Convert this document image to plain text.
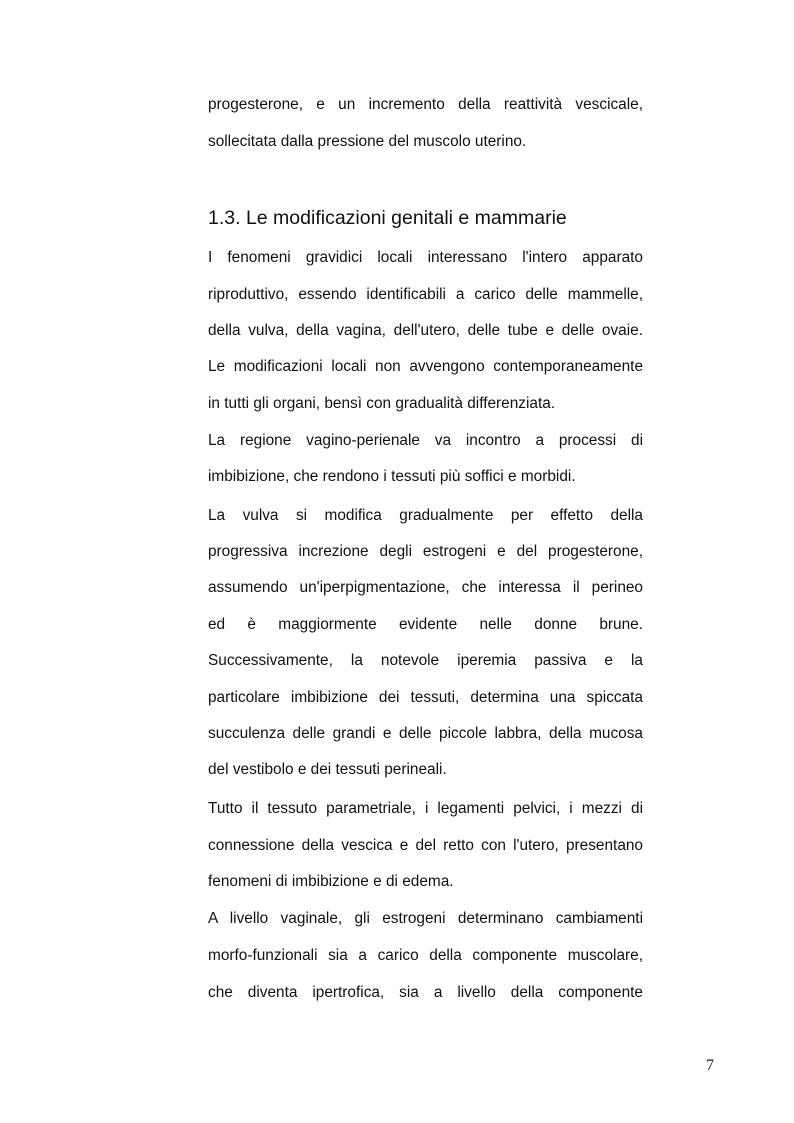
progesterone, e un incremento della reattività vescicale,
sollecitata dalla pressione del muscolo uterino.
1.3. Le modificazioni genitali e mammarie
I fenomeni gravidici locali interessano l'intero apparato
riproduttivo, essendo identificabili a carico delle mammelle,
della vulva, della vagina, dell'utero, delle tube e delle ovaie.
Le modificazioni locali non avvengono contemporaneamente
in tutti gli organi, bensì con gradualità differenziata.
La regione vagino-perienale va incontro a processi di
imbibizione, che rendono i tessuti più soffici e morbidi.
La vulva si modifica gradualmente per effetto della
progressiva increzione degli estrogeni e del progesterone,
assumendo un'iperpigmentazione, che interessa il perineo
ed è maggiormente evidente nelle donne brune.
Successivamente, la notevole iperemia passiva e la
particolare imbibizione dei tessuti, determina una spiccata
succulenza delle grandi e delle piccole labbra, della mucosa
del vestibolo e dei tessuti perineali.
Tutto il tessuto parametriale, i legamenti pelvici, i mezzi di
connessione della vescica e del retto con l'utero, presentano
fenomeni di imbibizione e di edema.
A livello vaginale, gli estrogeni determinano cambiamenti
morfo-funzionali sia a carico della componente muscolare,
che diventa ipertrofica, sia a livello della componente
7
